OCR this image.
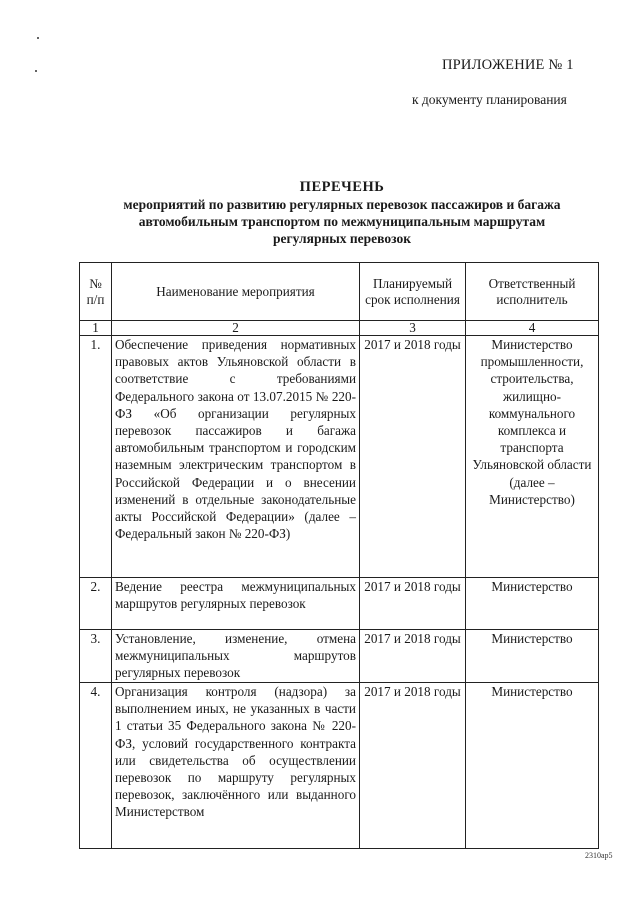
ПРИЛОЖЕНИЕ № 1
к документу планирования
ПЕРЕЧЕНЬ
мероприятий по развитию регулярных перевозок пассажиров и багажа
автомобильным транспортом по межмуниципальным маршрутам
регулярных перевозок
№ п/п	Наименование мероприятия	Планируемый срок исполнения	Ответственный исполнитель
1	2	3	4
1.	Обеспечение приведения нормативных правовых актов Ульяновской области в соответствие с требованиями Федерального закона от 13.07.2015 № 220-ФЗ «Об организации регулярных перевозок пассажиров и багажа автомобильным транспортом и городским наземным электрическим транспортом в Российской Федерации и о внесении изменений в отдельные законодательные акты Российской Федерации» (далее – Федеральный закон № 220-ФЗ)	2017 и 2018 годы	Министерство промышленности, строительства, жилищно-коммунального комплекса и транспорта Ульяновской области (далее – Министерство)
2.	Ведение реестра межмуниципальных маршрутов регулярных перевозок	2017 и 2018 годы	Министерство
3.	Установление, изменение, отмена межмуниципальных маршрутов регулярных перевозок	2017 и 2018 годы	Министерство
4.	Организация контроля (надзора) за выполнением иных, не указанных в части 1 статьи 35 Федерального закона № 220-ФЗ, условий государственного контракта или свидетельства об осуществлении перевозок по маршруту регулярных перевозок, заключённого или выданного Министерством	2017 и 2018 годы	Министерство
2310ар5
